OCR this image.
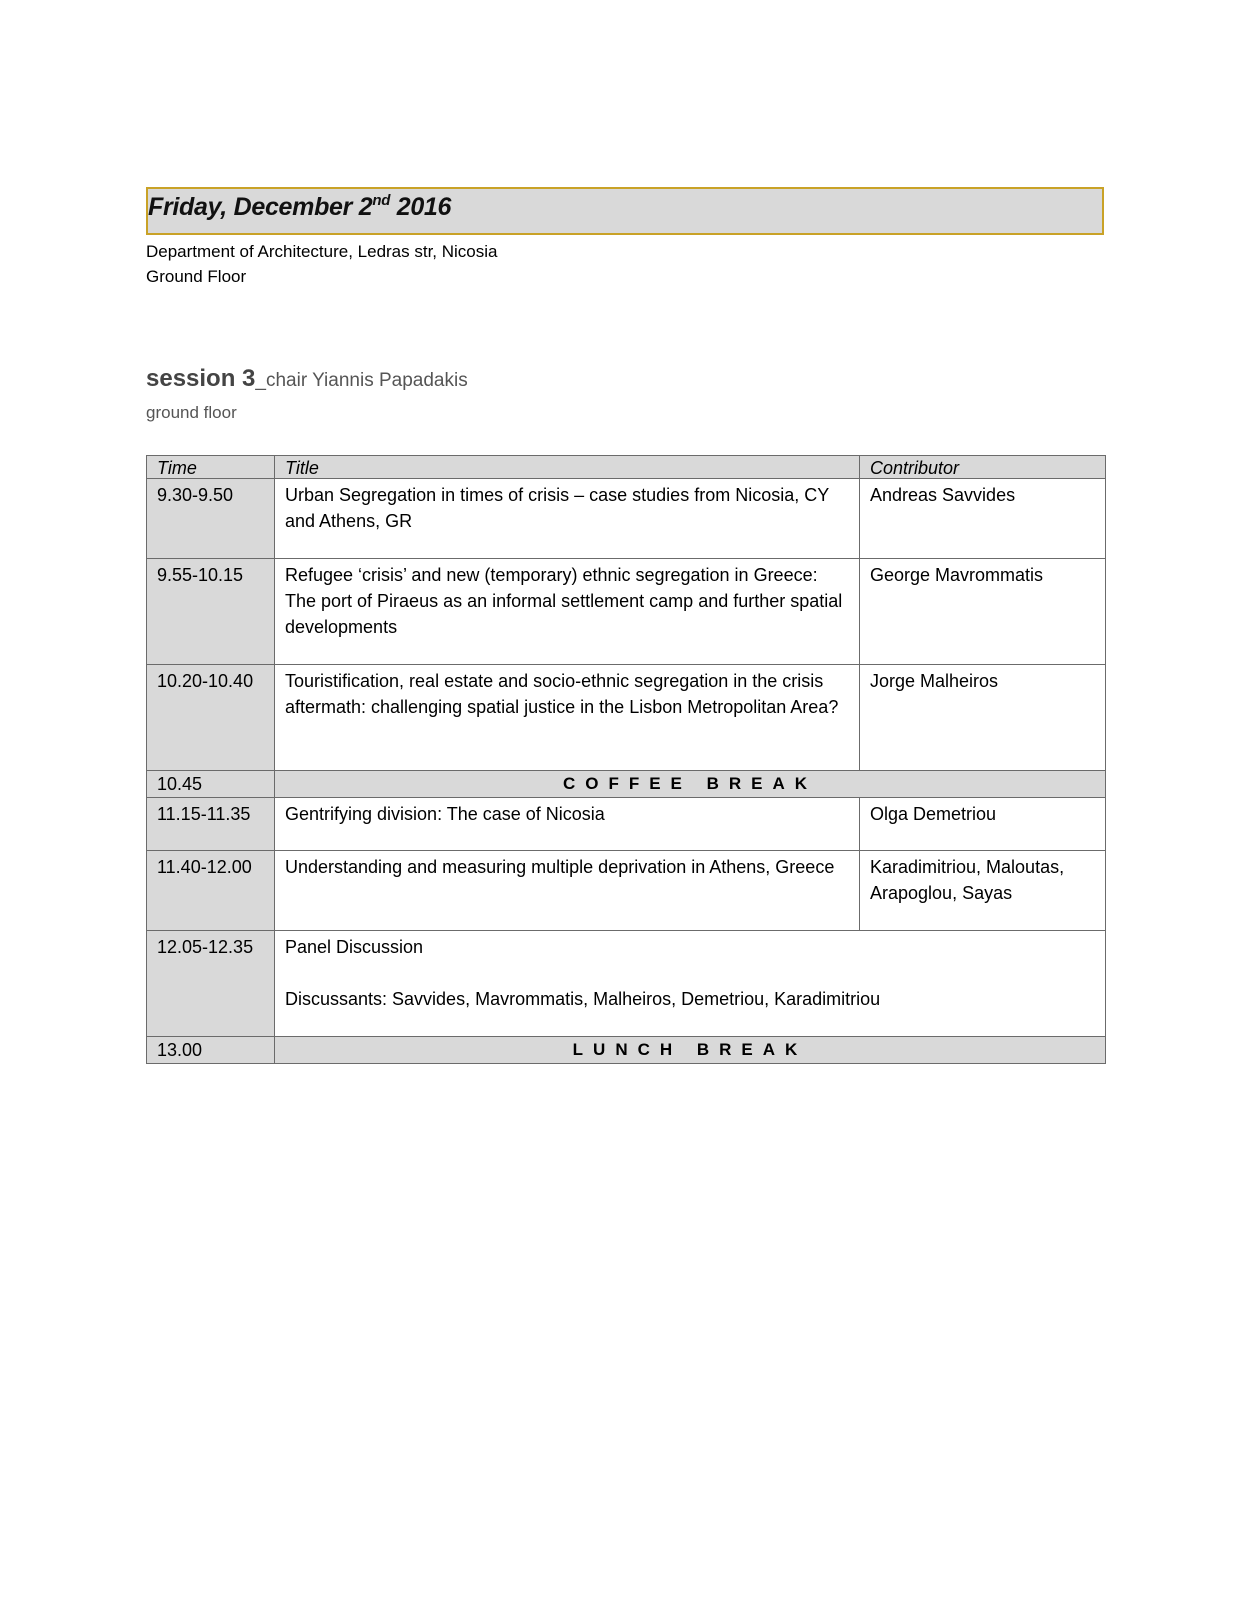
Friday, December 2nd 2016
Department of Architecture, Ledras str, Nicosia
Ground Floor
session 3_chair Yiannis Papadakis
ground floor
Time	Title	Contributor
9.30-9.50	Urban Segregation in times of crisis – case studies from Nicosia, CY and Athens, GR	Andreas Savvides
9.55-10.15	Refugee ‘crisis’ and new (temporary) ethnic segregation in Greece: The port of Piraeus as an informal settlement camp and further spatial developments	George Mavrommatis
10.20-10.40	Touristification, real estate and socio-ethnic segregation in the crisis aftermath: challenging spatial justice in the Lisbon Metropolitan Area?	Jorge Malheiros
10.45	COFFEE BREAK	
11.15-11.35	Gentrifying division: The case of Nicosia	Olga Demetriou
11.40-12.00	Understanding and measuring multiple deprivation in Athens, Greece	Karadimitriou, Maloutas, Arapoglou, Sayas
12.05-12.35	Panel Discussion
Discussants: Savvides, Mavrommatis, Malheiros, Demetriou, Karadimitriou	

13.00	LUNCH BREAK	
